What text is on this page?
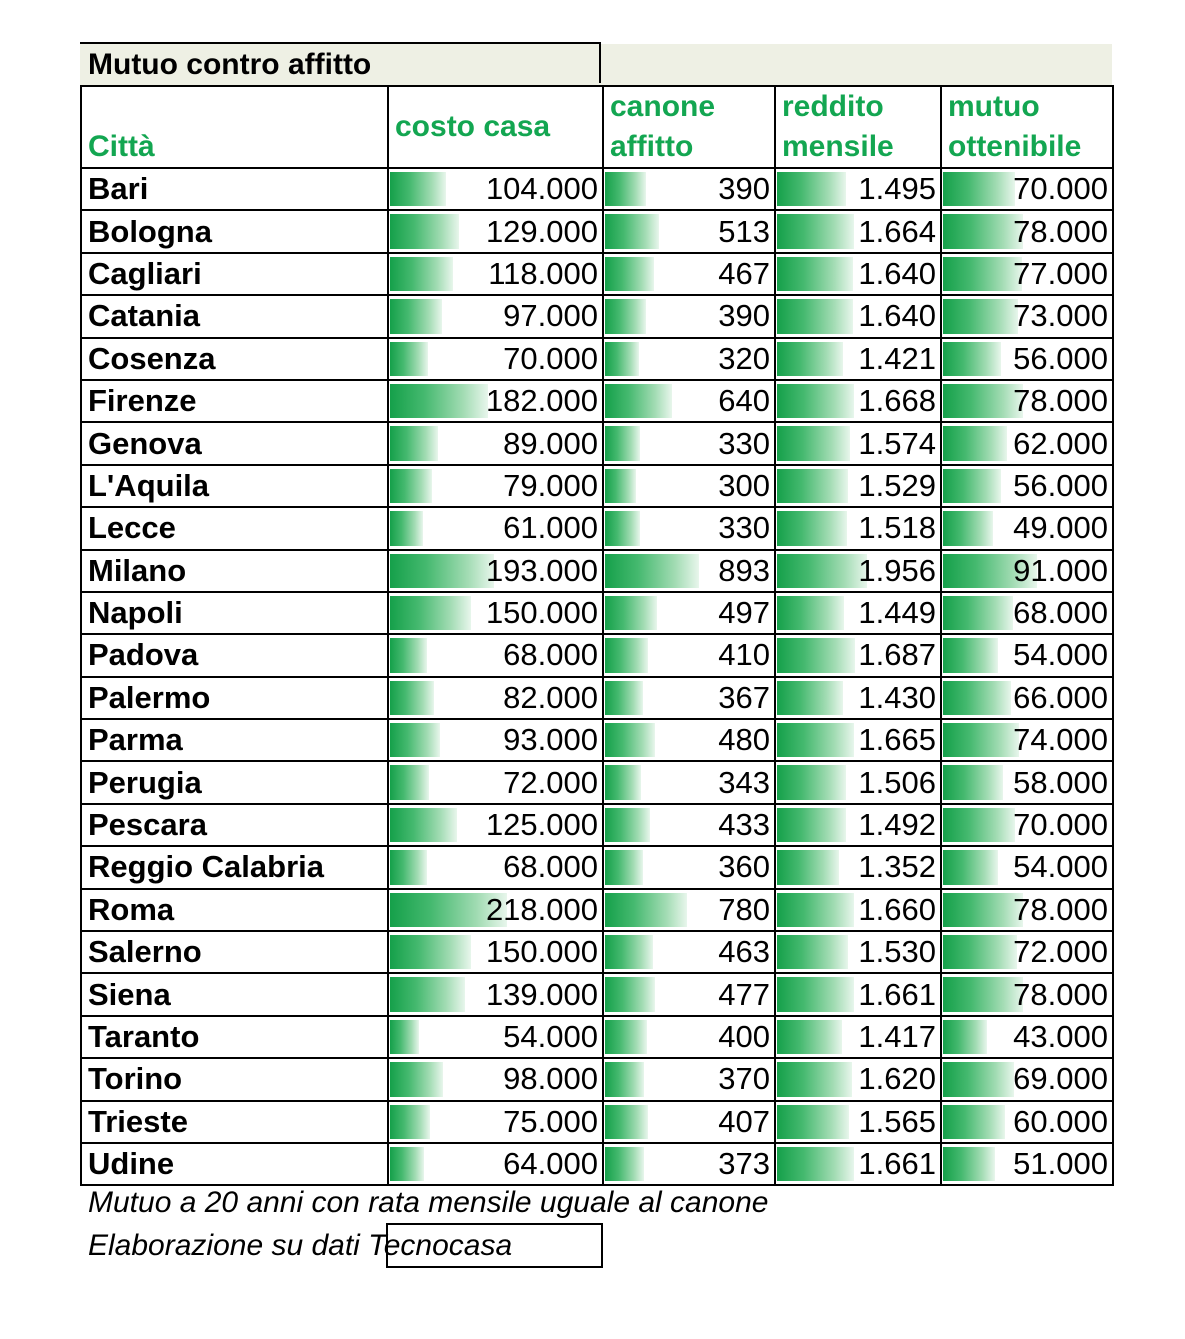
Mutuo contro affitto
Città	costo casa	canone affitto	reddito mensile	mutuo ottenibile
Bari	104.000	390	1.495	70.000
Bologna	129.000	513	1.664	78.000
Cagliari	118.000	467	1.640	77.000
Catania	97.000	390	1.640	73.000
Cosenza	70.000	320	1.421	56.000
Firenze	182.000	640	1.668	78.000
Genova	89.000	330	1.574	62.000
L'Aquila	79.000	300	1.529	56.000
Lecce	61.000	330	1.518	49.000
Milano	193.000	893	1.956	91.000
Napoli	150.000	497	1.449	68.000
Padova	68.000	410	1.687	54.000
Palermo	82.000	367	1.430	66.000
Parma	93.000	480	1.665	74.000
Perugia	72.000	343	1.506	58.000
Pescara	125.000	433	1.492	70.000
Reggio Calabria	68.000	360	1.352	54.000
Roma	218.000	780	1.660	78.000
Salerno	150.000	463	1.530	72.000
Siena	139.000	477	1.661	78.000
Taranto	54.000	400	1.417	43.000
Torino	98.000	370	1.620	69.000
Trieste	75.000	407	1.565	60.000
Udine	64.000	373	1.661	51.000
Mutuo a 20 anni con rata mensile uguale al canone
Elaborazione su dati Tecnocasa
